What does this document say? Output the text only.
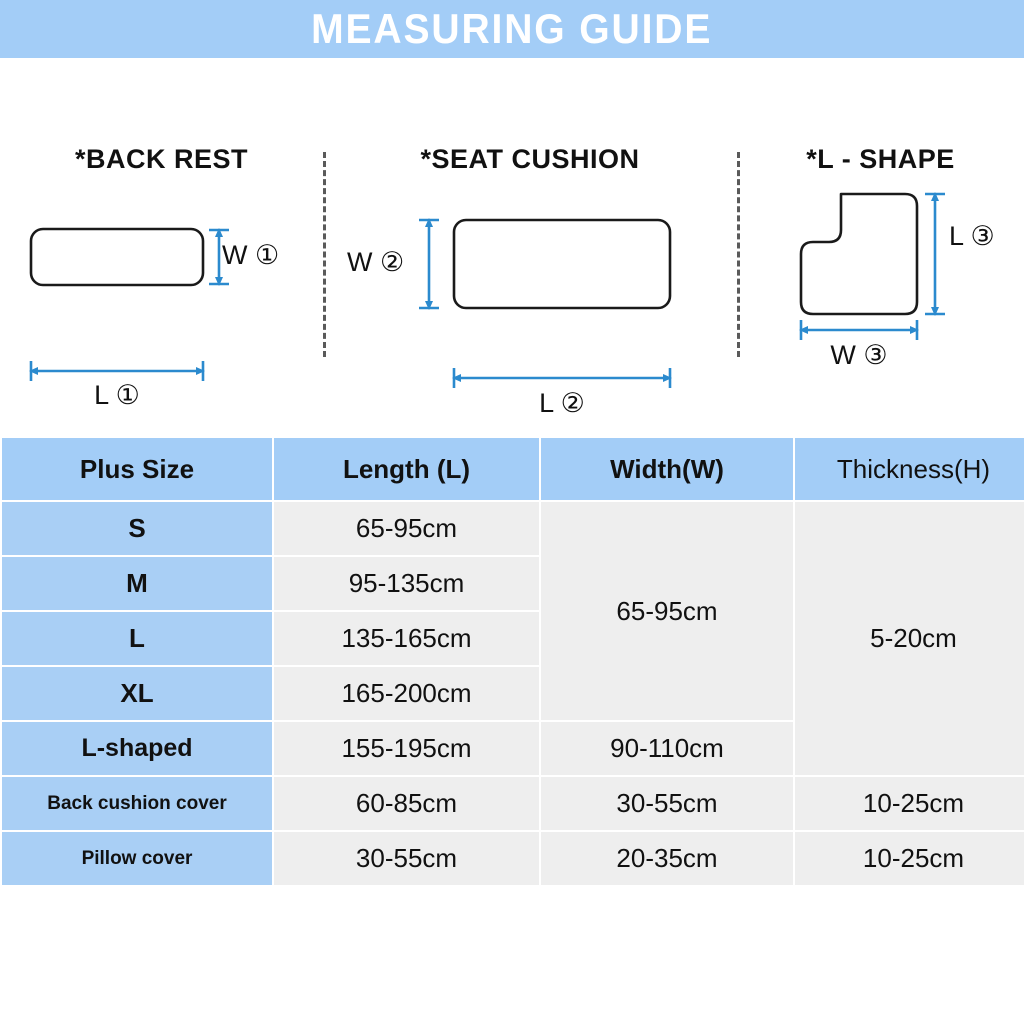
MEASURING GUIDE
*BACK REST
W ①
L ①
*SEAT CUSHION
W ②
L ②
*L - SHAPE
L ③
W ③
Plus Size	Length (L)	Width(W)	Thickness(H)
S	65-95cm	65-95cm	5-20cm
M	95-135cm		
L	135-165cm		
XL	165-200cm		
L-shaped	155-195cm	90-110cm	
Back cushion cover	60-85cm	30-55cm	10-25cm
Pillow cover	30-55cm	20-35cm	10-25cm
